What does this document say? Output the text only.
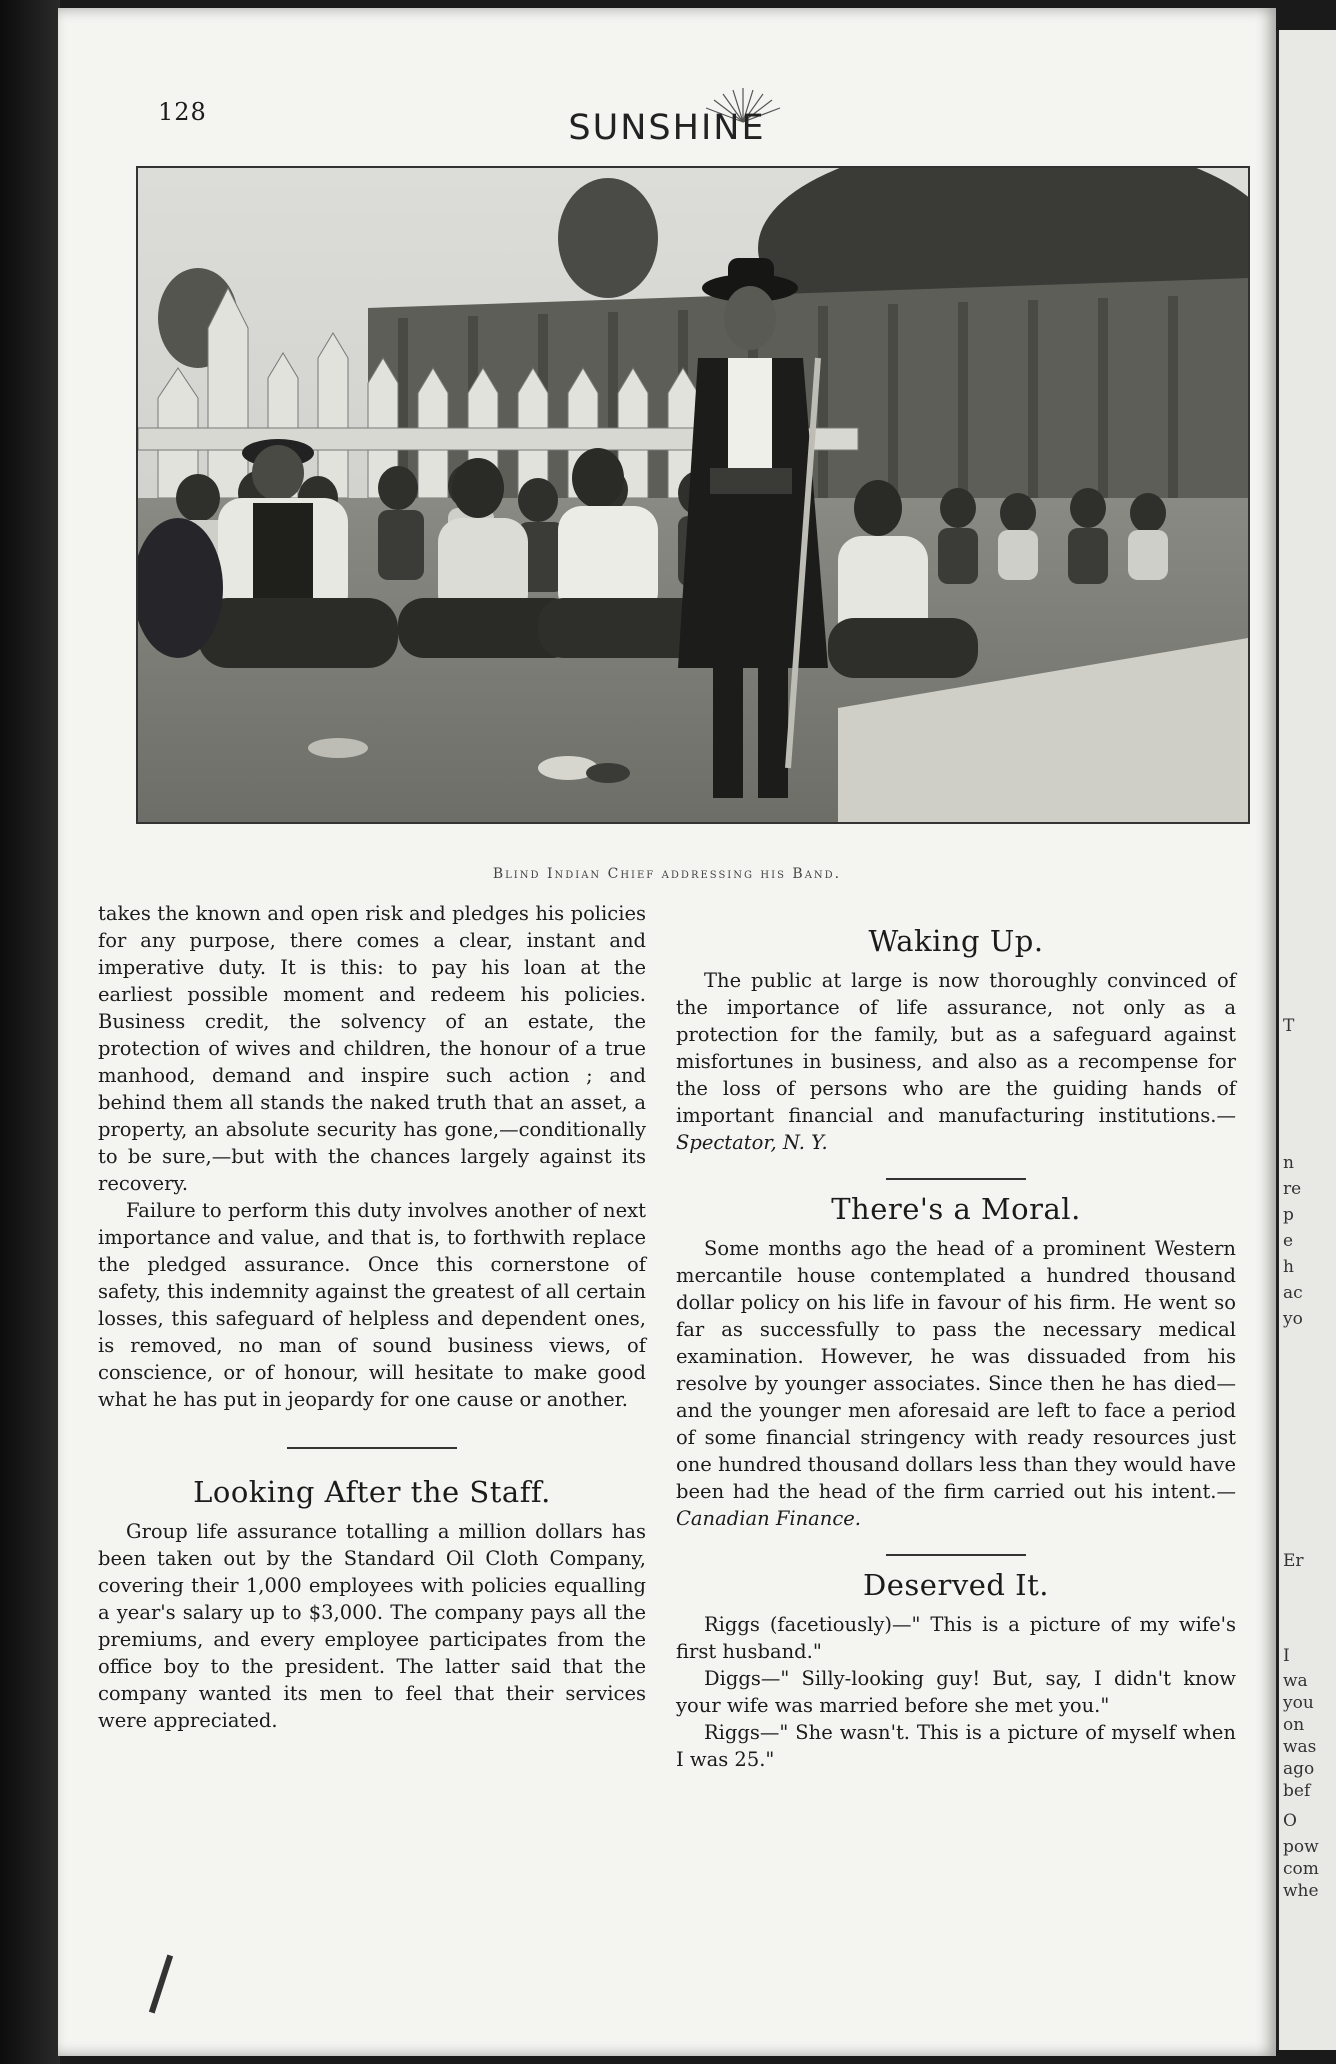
128	SUNSHINE
Blind Indian Chief addressing his Band.

takes the known and open risk and pledges his policies for any purpose, there comes a clear, instant and imperative duty. It is this: to pay his loan at the earliest possible moment and redeem his policies. Business credit, the solvency of an estate, the protection of wives and children, the honour of a true manhood, demand and inspire such action ; and behind them all stands the naked truth that an asset, a property, an absolute security has gone,—conditionally to be sure,—but with the chances largely against its recovery.

Failure to perform this duty involves another of next importance and value, and that is, to forthwith replace the pledged assurance. Once this cornerstone of safety, this indemnity against the greatest of all certain losses, this safeguard of helpless and dependent ones, is removed, no man of sound business views, of conscience, or of honour, will hesitate to make good what he has put in jeopardy for one cause or another.

Looking After the Staff.

Group life assurance totalling a million dollars has been taken out by the Standard Oil Cloth Company, covering their 1,000 employees with policies equalling a year's salary up to $3,000. The company pays all the premiums, and every employee participates from the office boy to the president. The latter said that the company wanted its men to feel that their services were appreciated.

Waking Up.

The public at large is now thoroughly convinced of the importance of life assurance, not only as a protection for the family, but as a safeguard against misfortunes in business, and also as a recompense for the loss of persons who are the guiding hands of important financial and manufacturing institutions.—Spectator, N. Y.

There's a Moral.

Some months ago the head of a prominent Western mercantile house contemplated a hundred thousand dollar policy on his life in favour of his firm. He went so far as successfully to pass the necessary medical examination. However, he was dissuaded from his resolve by younger associates. Since then he has died—and the younger men aforesaid are left to face a period of some financial stringency with ready resources just one hundred thousand dollars less than they would have been had the head of the firm carried out his intent.—Canadian Finance.

Deserved It.

Riggs (facetiously)—" This is a picture of my wife's first husband."

Diggs—" Silly-looking guy! But, say, I didn't know your wife was married before she met you."

Riggs—" She wasn't. This is a picture of myself when I was 25."

T
n
re
p
e
h
ac
yo
Er
I
wa
you
on
was
ago
bef
O
pow
com
whe
